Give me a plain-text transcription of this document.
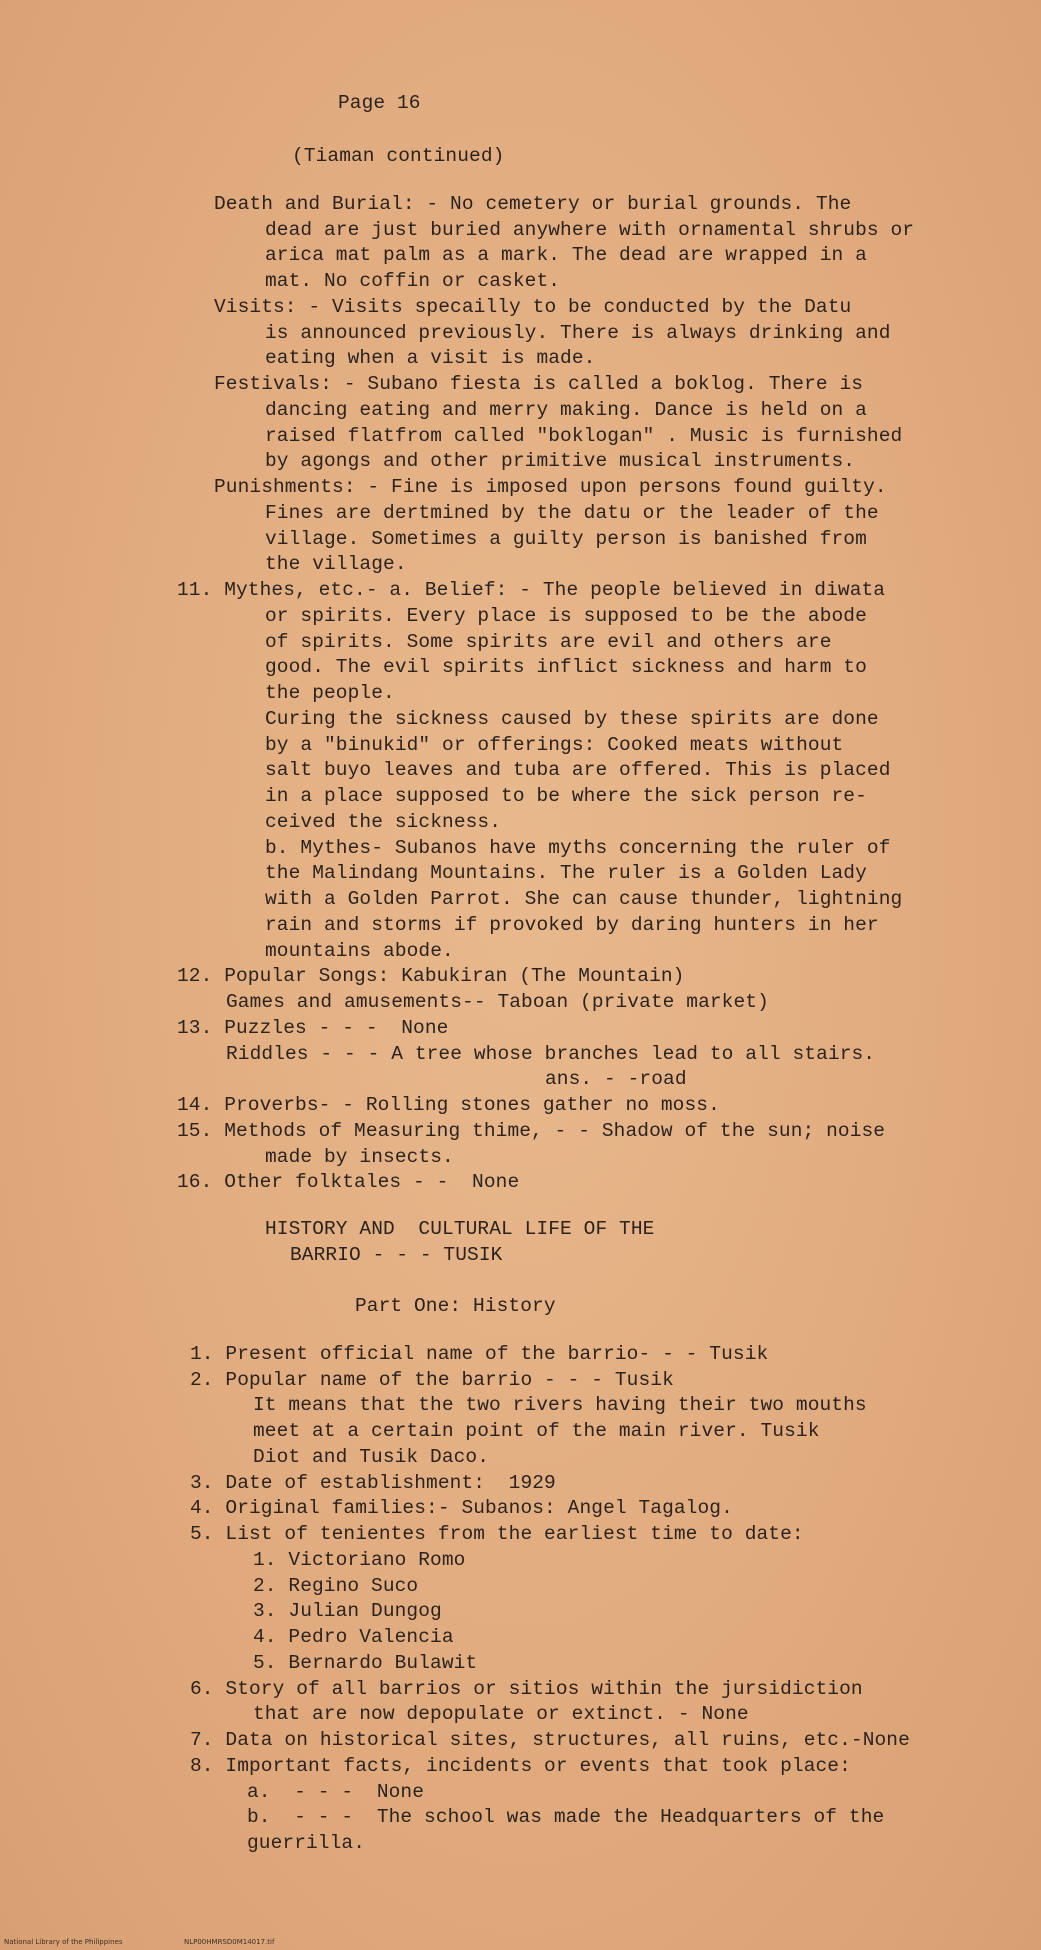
Page 16
(Tiaman continued)
Death and Burial: - No cemetery or burial grounds. The
dead are just buried anywhere with ornamental shrubs or
arica mat palm as a mark. The dead are wrapped in a
mat. No coffin or casket.
Visits: - Visits specailly to be conducted by the Datu
is announced previously. There is always drinking and
eating when a visit is made.
Festivals: - Subano fiesta is called a boklog. There is
dancing eating and merry making. Dance is held on a
raised flatfrom called "boklogan" . Music is furnished
by agongs and other primitive musical instruments.
Punishments: - Fine is imposed upon persons found guilty.
Fines are dertmined by the datu or the leader of the
village. Sometimes a guilty person is banished from
the village.
11. Mythes, etc.- a. Belief: - The people believed in diwata
or spirits. Every place is supposed to be the abode
of spirits. Some spirits are evil and others are
good. The evil spirits inflict sickness and harm to
the people.
Curing the sickness caused by these spirits are done
by a "binukid" or offerings: Cooked meats without
salt buyo leaves and tuba are offered. This is placed
in a place supposed to be where the sick person re-
ceived the sickness.
b. Mythes- Subanos have myths concerning the ruler of
the Malindang Mountains. The ruler is a Golden Lady
with a Golden Parrot. She can cause thunder, lightning
rain and storms if provoked by daring hunters in her
mountains abode.
12. Popular Songs: Kabukiran (The Mountain)
Games and amusements-- Taboan (private market)
13. Puzzles - - -  None
Riddles - - - A tree whose branches lead to all stairs.
ans. - -road
14. Proverbs- - Rolling stones gather no moss.
15. Methods of Measuring thime, - - Shadow of the sun; noise
made by insects.
16. Other folktales - -  None
HISTORY AND  CULTURAL LIFE OF THE
BARRIO - - - TUSIK
Part One: History
1. Present official name of the barrio- - - Tusik
2. Popular name of the barrio - - - Tusik
It means that the two rivers having their two mouths
meet at a certain point of the main river. Tusik
Diot and Tusik Daco.
3. Date of establishment:  1929
4. Original families:- Subanos: Angel Tagalog.
5. List of tenientes from the earliest time to date:
1. Victoriano Romo
2. Regino Suco
3. Julian Dungog
4. Pedro Valencia
5. Bernardo Bulawit
6. Story of all barrios or sitios within the jursidiction
that are now depopulate or extinct. - None
7. Data on historical sites, structures, all ruins, etc.-None
8. Important facts, incidents or events that took place:
a.  - - -  None
b.  - - -  The school was made the Headquarters of the
guerrilla.
National Library of the Philippines	NLP00HMRSD0M14017.tif
